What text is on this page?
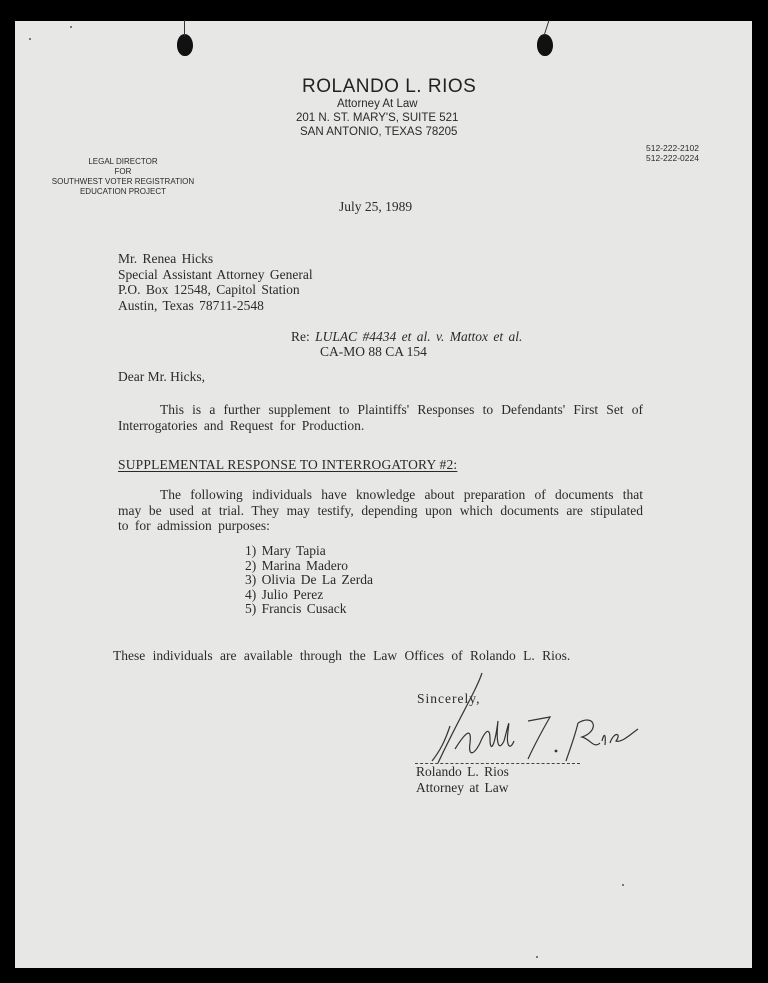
ROLANDO L. RIOS
Attorney At Law
201 N. ST. MARY'S, SUITE 521
SAN ANTONIO, TEXAS 78205
LEGAL DIRECTOR
FOR
SOUTHWEST VOTER REGISTRATION
EDUCATION PROJECT
512-222-2102
512-222-0224
July 25, 1989
Mr. Renea Hicks
Special Assistant Attorney General
P.O. Box 12548, Capitol Station
Austin, Texas 78711-2548
Re: LULAC #4434 et al. v. Mattox et al.
CA-MO 88 CA 154
Dear Mr. Hicks,
This is a further supplement to Plaintiffs' Responses to Defendants' First Set of Interrogatories and Request for Production.
SUPPLEMENTAL RESPONSE TO INTERROGATORY #2:
The following individuals have knowledge about preparation of documents that may be used at trial. They may testify, depending upon which documents are stipulated to for admission purposes:
1) Mary Tapia
2) Marina Madero
3) Olivia De La Zerda
4) Julio Perez
5) Francis Cusack
These individuals are available through the Law Offices of Rolando L. Rios.
Sincerely,
Rolando L. Rios
Attorney at Law
